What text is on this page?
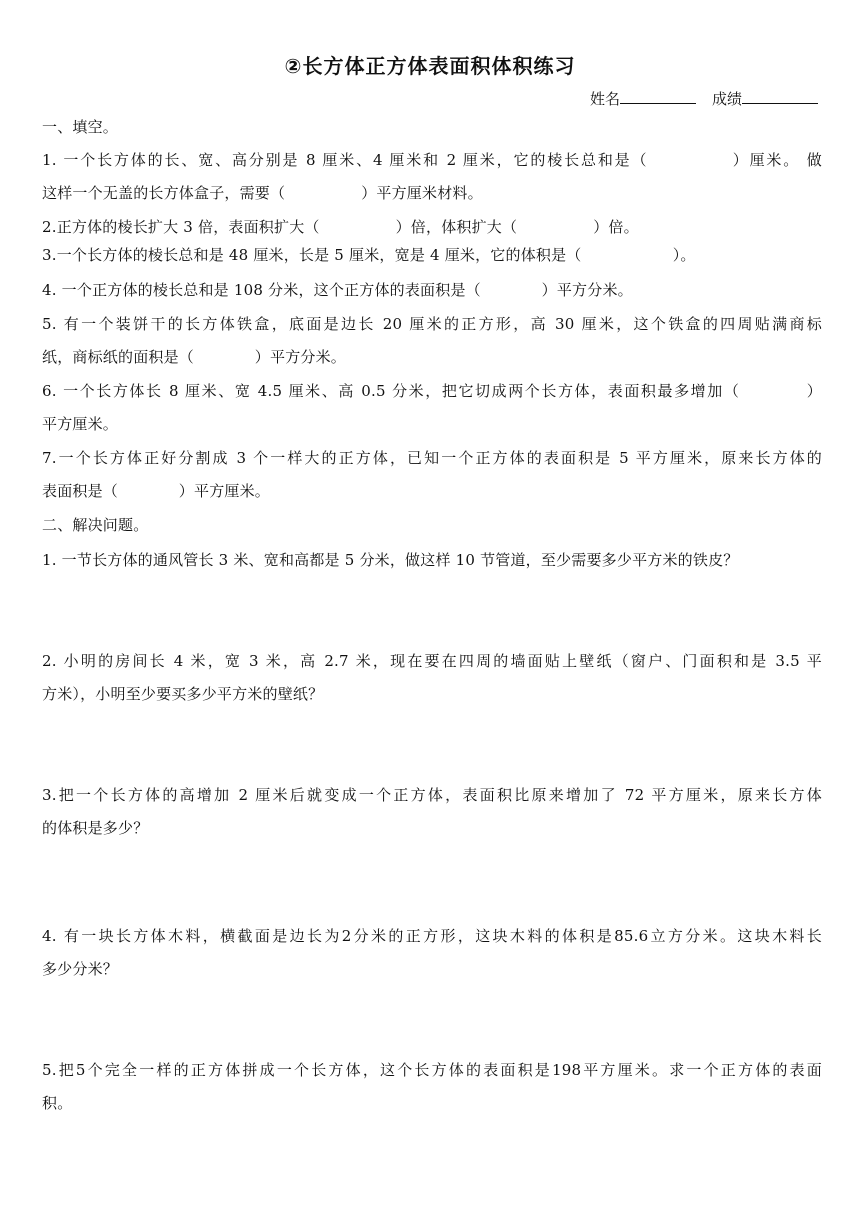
②长方体正方体表面积体积练习
姓名	成绩
一、填空。
1. 一个长方体的长、宽、高分别是 8 厘米、4 厘米和 2 厘米，它的棱长总和是（　　　　　）厘米。 做
这样一个无盖的长方体盒子，需要（　　　　　）平方厘米材料。
2.正方体的棱长扩大 3 倍，表面积扩大（　　　　　）倍，体积扩大（　　　　　）倍。
3.一个长方体的棱长总和是 48 厘米，长是 5 厘米，宽是 4 厘米，它的体积是（　　　　　　）。
4. 一个正方体的棱长总和是 108 分米，这个正方体的表面积是（　　　　）平方分米。
5. 有一个装饼干的长方体铁盒，底面是边长 20 厘米的正方形，高 30 厘米，这个铁盒的四周贴满商标
纸，商标纸的面积是（　　　　）平方分米。
6. 一个长方体长 8 厘米、宽 4.5 厘米、高 0.5 分米，把它切成两个长方体，表面积最多增加（　　　　）
平方厘米。
7.一个长方体正好分割成 3 个一样大的正方体，已知一个正方体的表面积是 5 平方厘米，原来长方体的
表面积是（　　　　）平方厘米。
二、解决问题。
1. 一节长方体的通风管长 3 米、宽和高都是 5 分米，做这样 10 节管道，至少需要多少平方米的铁皮？
2. 小明的房间长 4 米，宽 3 米，高 2.7 米，现在要在四周的墙面贴上壁纸（窗户、门面积和是 3.5 平
方米），小明至少要买多少平方米的壁纸？
3.把一个长方体的高增加 2 厘米后就变成一个正方体，表面积比原来增加了 72 平方厘米，原来长方体
的体积是多少？
4. 有一块长方体木料，横截面是边长为2分米的正方形，这块木料的体积是85.6立方分米。这块木料长
多少分米？
5.把5个完全一样的正方体拼成一个长方体，这个长方体的表面积是198平方厘米。求一个正方体的表面
积。
